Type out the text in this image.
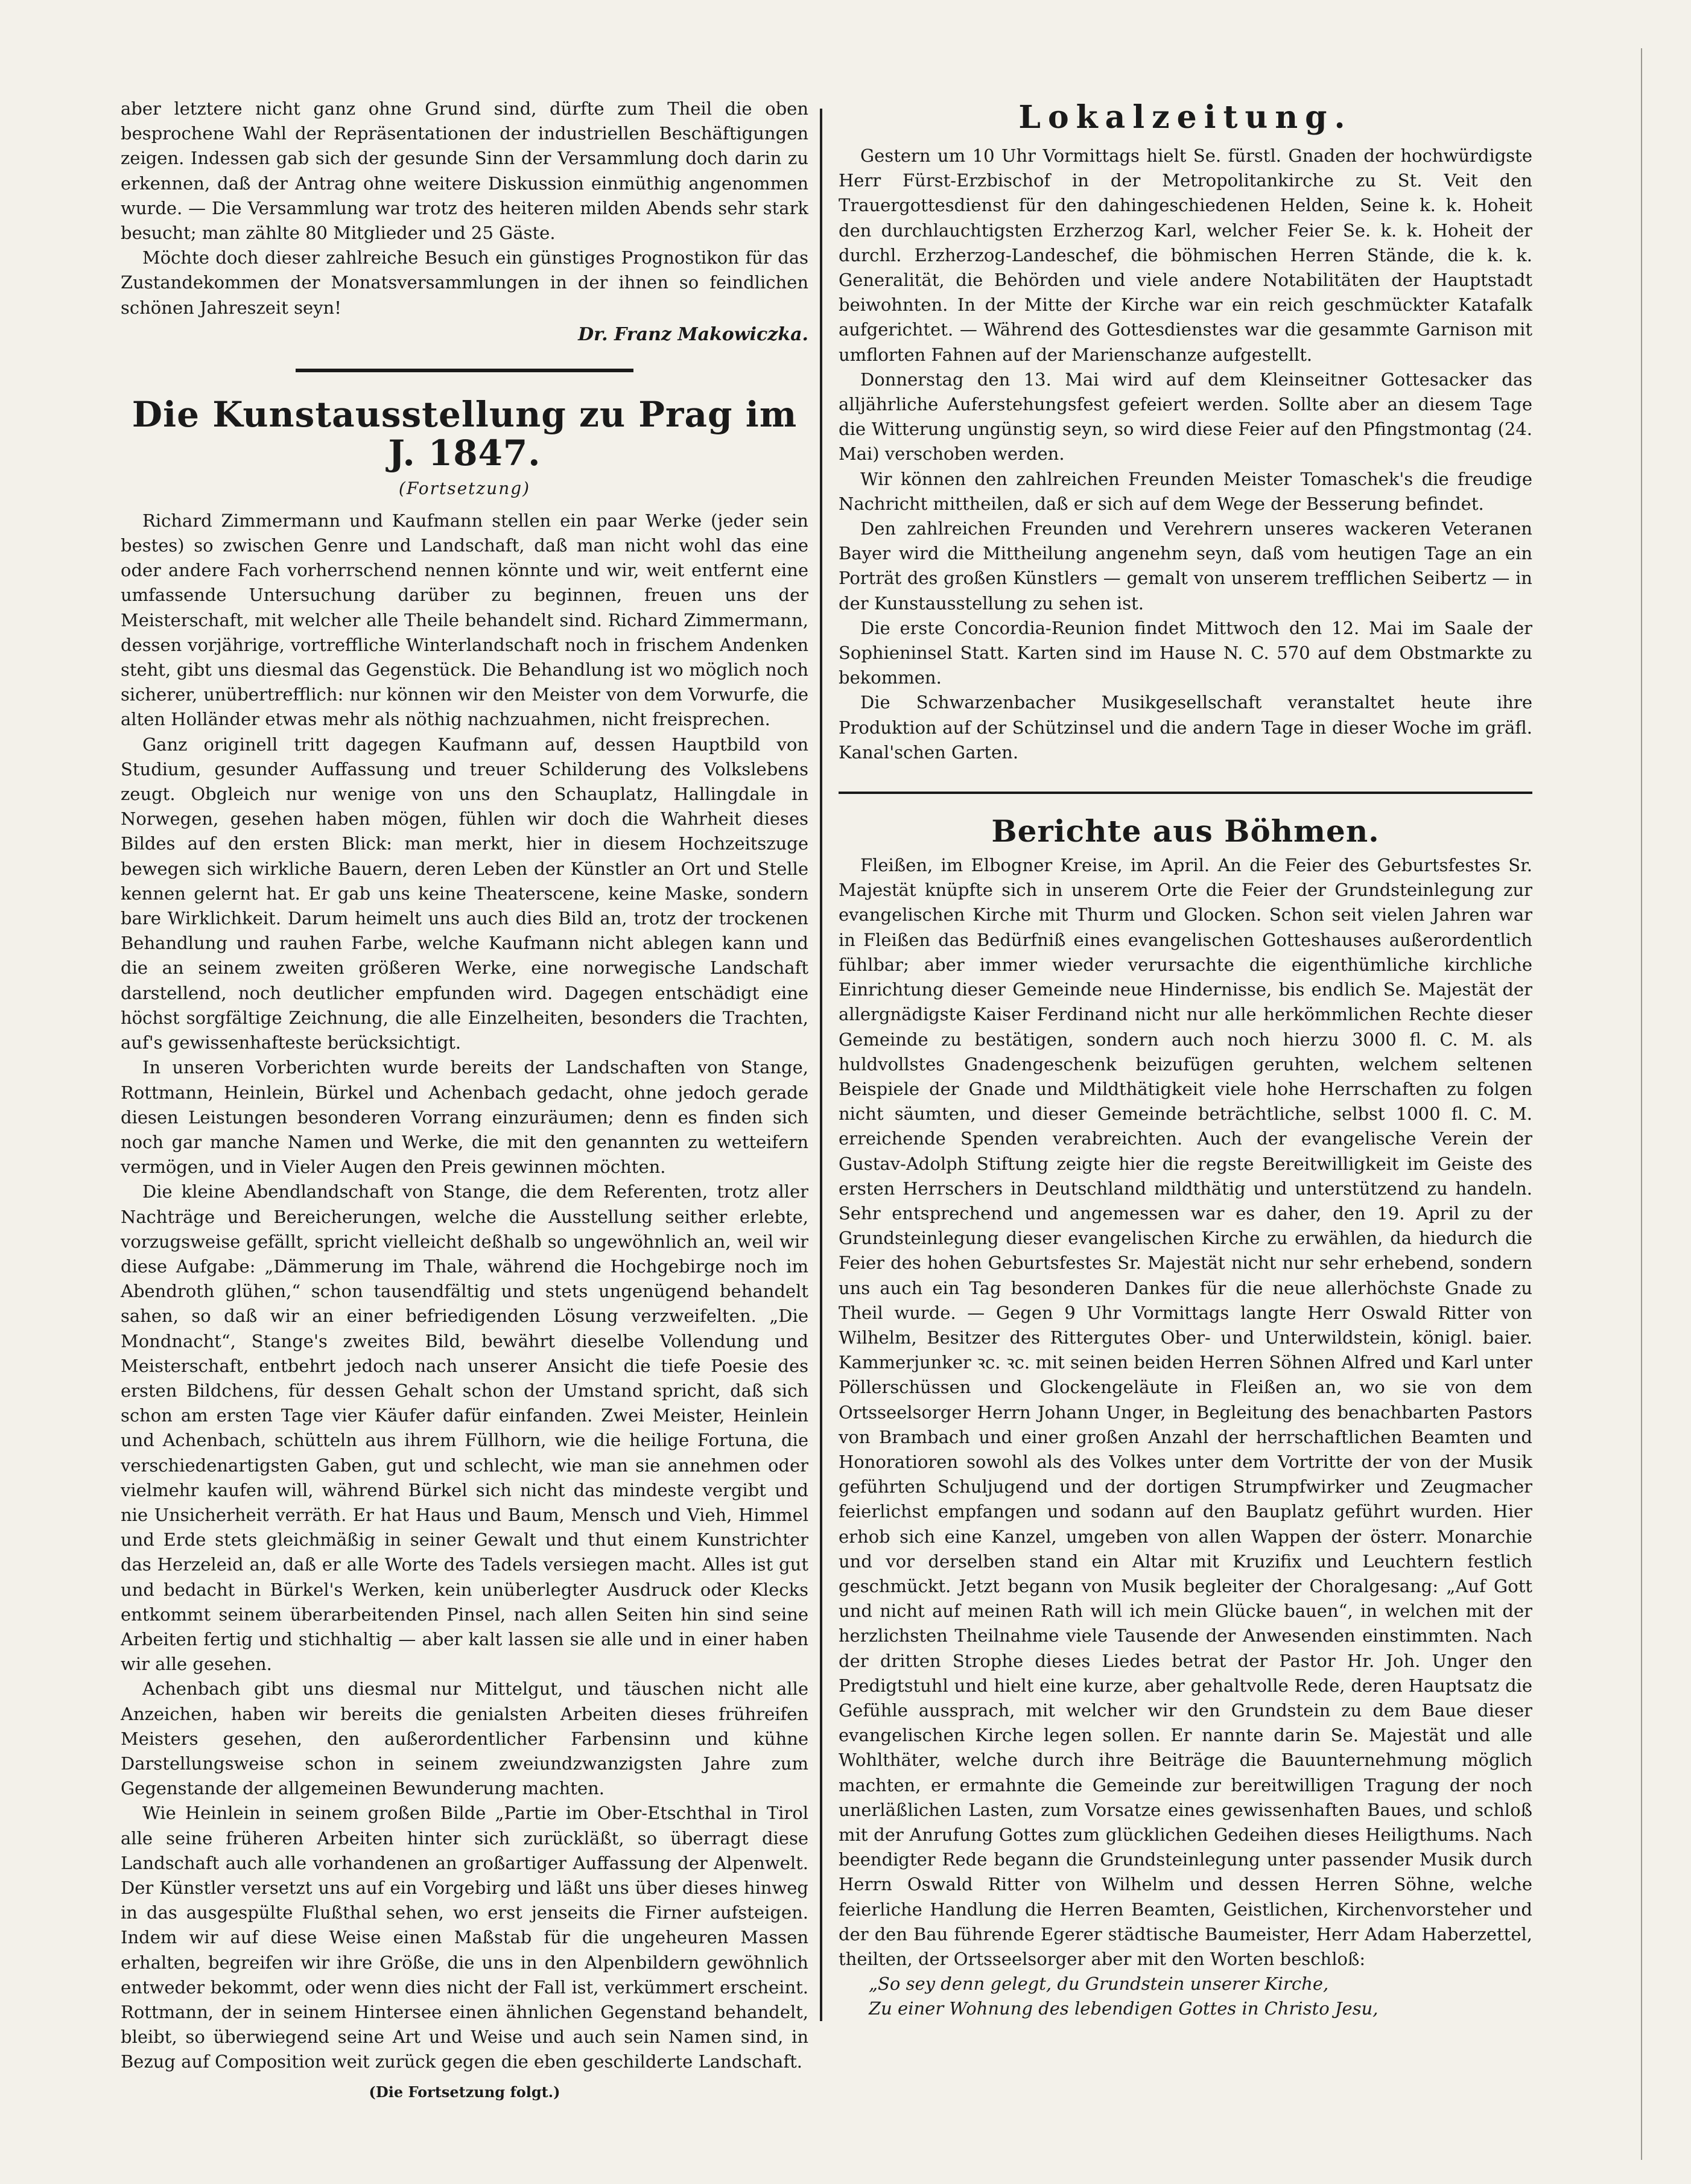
aber letztere nicht ganz ohne Grund sind, dürfte zum Theil die oben besprochene Wahl der Repräsentationen der industriellen Beschäftigungen zeigen. Indessen gab sich der gesunde Sinn der Versammlung doch darin zu erkennen, daß der Antrag ohne weitere Diskussion einmüthig angenommen wurde. — Die Versammlung war trotz des heiteren milden Abends sehr stark besucht; man zählte 80 Mitglieder und 25 Gäste.

Möchte doch dieser zahlreiche Besuch ein günstiges Prognostikon für das Zustandekommen der Monatsversammlungen in der ihnen so feindlichen schönen Jahreszeit seyn!

Dr. Franz Makowiczka.
Die Kunstausstellung zu Prag im J. 1847.
(Fortsetzung)

Richard Zimmermann und Kaufmann stellen ein paar Werke (jeder sein bestes) so zwischen Genre und Landschaft, daß man nicht wohl das eine oder andere Fach vorherrschend nennen könnte und wir, weit entfernt eine umfassende Untersuchung darüber zu beginnen, freuen uns der Meisterschaft, mit welcher alle Theile behandelt sind. Richard Zimmermann, dessen vorjährige, vortreffliche Winterlandschaft noch in frischem Andenken steht, gibt uns diesmal das Gegenstück. Die Behandlung ist wo möglich noch sicherer, unübertrefflich: nur können wir den Meister von dem Vorwurfe, die alten Holländer etwas mehr als nöthig nachzuahmen, nicht freisprechen.

Ganz originell tritt dagegen Kaufmann auf, dessen Hauptbild von Studium, gesunder Auffassung und treuer Schilderung des Volkslebens zeugt. Obgleich nur wenige von uns den Schauplatz, Hallingdale in Norwegen, gesehen haben mögen, fühlen wir doch die Wahrheit dieses Bildes auf den ersten Blick: man merkt, hier in diesem Hochzeitszuge bewegen sich wirkliche Bauern, deren Leben der Künstler an Ort und Stelle kennen gelernt hat. Er gab uns keine Theaterscene, keine Maske, sondern bare Wirklichkeit. Darum heimelt uns auch dies Bild an, trotz der trockenen Behandlung und rauhen Farbe, welche Kaufmann nicht ablegen kann und die an seinem zweiten größeren Werke, eine norwegische Landschaft darstellend, noch deutlicher empfunden wird. Dagegen entschädigt eine höchst sorgfältige Zeichnung, die alle Einzelheiten, besonders die Trachten, auf's gewissenhafteste berücksichtigt.

In unseren Vorberichten wurde bereits der Landschaften von Stange, Rottmann, Heinlein, Bürkel und Achenbach gedacht, ohne jedoch gerade diesen Leistungen besonderen Vorrang einzuräumen; denn es finden sich noch gar manche Namen und Werke, die mit den genannten zu wetteifern vermögen, und in Vieler Augen den Preis gewinnen möchten.

Die kleine Abendlandschaft von Stange, die dem Referenten, trotz aller Nachträge und Bereicherungen, welche die Ausstellung seither erlebte, vorzugsweise gefällt, spricht vielleicht deßhalb so ungewöhnlich an, weil wir diese Aufgabe: „Dämmerung im Thale, während die Hochgebirge noch im Abendroth glühen,“ schon tausendfältig und stets ungenügend behandelt sahen, so daß wir an einer befriedigenden Lösung verzweifelten. „Die Mondnacht“, Stange's zweites Bild, bewährt dieselbe Vollendung und Meisterschaft, entbehrt jedoch nach unserer Ansicht die tiefe Poesie des ersten Bildchens, für dessen Gehalt schon der Umstand spricht, daß sich schon am ersten Tage vier Käufer dafür einfanden. Zwei Meister, Heinlein und Achenbach, schütteln aus ihrem Füllhorn, wie die heilige Fortuna, die verschiedenartigsten Gaben, gut und schlecht, wie man sie annehmen oder vielmehr kaufen will, während Bürkel sich nicht das mindeste vergibt und nie Unsicherheit verräth. Er hat Haus und Baum, Mensch und Vieh, Himmel und Erde stets gleichmäßig in seiner Gewalt und thut einem Kunstrichter das Herzeleid an, daß er alle Worte des Tadels versiegen macht. Alles ist gut und bedacht in Bürkel's Werken, kein unüberlegter Ausdruck oder Klecks entkommt seinem überarbeitenden Pinsel, nach allen Seiten hin sind seine Arbeiten fertig und stichhaltig — aber kalt lassen sie alle und in einer haben wir alle gesehen.

Achenbach gibt uns diesmal nur Mittelgut, und täuschen nicht alle Anzeichen, haben wir bereits die genialsten Arbeiten dieses frühreifen Meisters gesehen, den außerordentlicher Farbensinn und kühne Darstellungsweise schon in seinem zweiundzwanzigsten Jahre zum Gegenstande der allgemeinen Bewunderung machten.

Wie Heinlein in seinem großen Bilde „Partie im Ober-Etschthal in Tirol alle seine früheren Arbeiten hinter sich zurückläßt, so überragt diese Landschaft auch alle vorhandenen an großartiger Auffassung der Alpenwelt. Der Künstler versetzt uns auf ein Vorgebirg und läßt uns über dieses hinweg in das ausgespülte Flußthal sehen, wo erst jenseits die Firner aufsteigen. Indem wir auf diese Weise einen Maßstab für die ungeheuren Massen erhalten, begreifen wir ihre Größe, die uns in den Alpenbildern gewöhnlich entweder bekommt, oder wenn dies nicht der Fall ist, verkümmert erscheint. Rottmann, der in seinem Hintersee einen ähnlichen Gegenstand behandelt, bleibt, so überwiegend seine Art und Weise und auch sein Namen sind, in Bezug auf Composition weit zurück gegen die eben geschilderte Landschaft.

(Die Fortsetzung folgt.)
Lokalzeitung.

Gestern um 10 Uhr Vormittags hielt Se. fürstl. Gnaden der hochwürdigste Herr Fürst-Erzbischof in der Metropolitankirche zu St. Veit den Trauergottesdienst für den dahingeschiedenen Helden, Seine k. k. Hoheit den durchlauchtigsten Erzherzog Karl, welcher Feier Se. k. k. Hoheit der durchl. Erzherzog-Landeschef, die böhmischen Herren Stände, die k. k. Generalität, die Behörden und viele andere Notabilitäten der Hauptstadt beiwohnten. In der Mitte der Kirche war ein reich geschmückter Katafalk aufgerichtet. — Während des Gottesdienstes war die gesammte Garnison mit umflorten Fahnen auf der Marienschanze aufgestellt.

Donnerstag den 13. Mai wird auf dem Kleinseitner Gottesacker das alljährliche Auferstehungsfest gefeiert werden. Sollte aber an diesem Tage die Witterung ungünstig seyn, so wird diese Feier auf den Pfingstmontag (24. Mai) verschoben werden.

Wir können den zahlreichen Freunden Meister Tomaschek's die freudige Nachricht mittheilen, daß er sich auf dem Wege der Besserung befindet.

Den zahlreichen Freunden und Verehrern unseres wackeren Veteranen Bayer wird die Mittheilung angenehm seyn, daß vom heutigen Tage an ein Porträt des großen Künstlers — gemalt von unserem trefflichen Seibertz — in der Kunstausstellung zu sehen ist.

Die erste Concordia-Reunion findet Mittwoch den 12. Mai im Saale der Sophieninsel Statt. Karten sind im Hause N. C. 570 auf dem Obstmarkte zu bekommen.

Die Schwarzenbacher Musikgesellschaft veranstaltet heute ihre Produktion auf der Schützinsel und die andern Tage in dieser Woche im gräfl. Kanal'schen Garten.

Berichte aus Böhmen.

Fleißen, im Elbogner Kreise, im April. An die Feier des Geburtsfestes Sr. Majestät knüpfte sich in unserem Orte die Feier der Grundsteinlegung zur evangelischen Kirche mit Thurm und Glocken. Schon seit vielen Jahren war in Fleißen das Bedürfniß eines evangelischen Gotteshauses außerordentlich fühlbar; aber immer wieder verursachte die eigenthümliche kirchliche Einrichtung dieser Gemeinde neue Hindernisse, bis endlich Se. Majestät der allergnädigste Kaiser Ferdinand nicht nur alle herkömmlichen Rechte dieser Gemeinde zu bestätigen, sondern auch noch hierzu 3000 fl. C. M. als huldvollstes Gnadengeschenk beizufügen geruhten, welchem seltenen Beispiele der Gnade und Mildthätigkeit viele hohe Herrschaften zu folgen nicht säumten, und dieser Gemeinde beträchtliche, selbst 1000 fl. C. M. erreichende Spenden verabreichten. Auch der evangelische Verein der Gustav-Adolph Stiftung zeigte hier die regste Bereitwilligkeit im Geiste des ersten Herrschers in Deutschland mildthätig und unterstützend zu handeln. Sehr entsprechend und angemessen war es daher, den 19. April zu der Grundsteinlegung dieser evangelischen Kirche zu erwählen, da hiedurch die Feier des hohen Geburtsfestes Sr. Majestät nicht nur sehr erhebend, sondern uns auch ein Tag besonderen Dankes für die neue allerhöchste Gnade zu Theil wurde. — Gegen 9 Uhr Vormittags langte Herr Oswald Ritter von Wilhelm, Besitzer des Rittergutes Ober- und Unterwildstein, königl. baier. Kammerjunker ꝛc. ꝛc. mit seinen beiden Herren Söhnen Alfred und Karl unter Pöllerschüssen und Glockengeläute in Fleißen an, wo sie von dem Ortsseelsorger Herrn Johann Unger, in Begleitung des benachbarten Pastors von Brambach und einer großen Anzahl der herrschaftlichen Beamten und Honoratioren sowohl als des Volkes unter dem Vortritte der von der Musik geführten Schuljugend und der dortigen Strumpfwirker und Zeugmacher feierlichst empfangen und sodann auf den Bauplatz geführt wurden. Hier erhob sich eine Kanzel, umgeben von allen Wappen der österr. Monarchie und vor derselben stand ein Altar mit Kruzifix und Leuchtern festlich geschmückt. Jetzt begann von Musik begleiter der Choralgesang: „Auf Gott und nicht auf meinen Rath will ich mein Glücke bauen“, in welchen mit der herzlichsten Theilnahme viele Tausende der Anwesenden einstimmten. Nach der dritten Strophe dieses Liedes betrat der Pastor Hr. Joh. Unger den Predigtstuhl und hielt eine kurze, aber gehaltvolle Rede, deren Hauptsatz die Gefühle aussprach, mit welcher wir den Grundstein zu dem Baue dieser evangelischen Kirche legen sollen. Er nannte darin Se. Majestät und alle Wohlthäter, welche durch ihre Beiträge die Bauunternehmung möglich machten, er ermahnte die Gemeinde zur bereitwilligen Tragung der noch unerläßlichen Lasten, zum Vorsatze eines gewissenhaften Baues, und schloß mit der Anrufung Gottes zum glücklichen Gedeihen dieses Heiligthums. Nach beendigter Rede begann die Grundsteinlegung unter passender Musik durch Herrn Oswald Ritter von Wilhelm und dessen Herren Söhne, welche feierliche Handlung die Herren Beamten, Geistlichen, Kirchenvorsteher und der den Bau führende Egerer städtische Baumeister, Herr Adam Haberzettel, theilten, der Ortsseelsorger aber mit den Worten beschloß:

„So sey denn gelegt, du Grundstein unserer Kirche,

Zu einer Wohnung des lebendigen Gottes in Christo Jesu,
